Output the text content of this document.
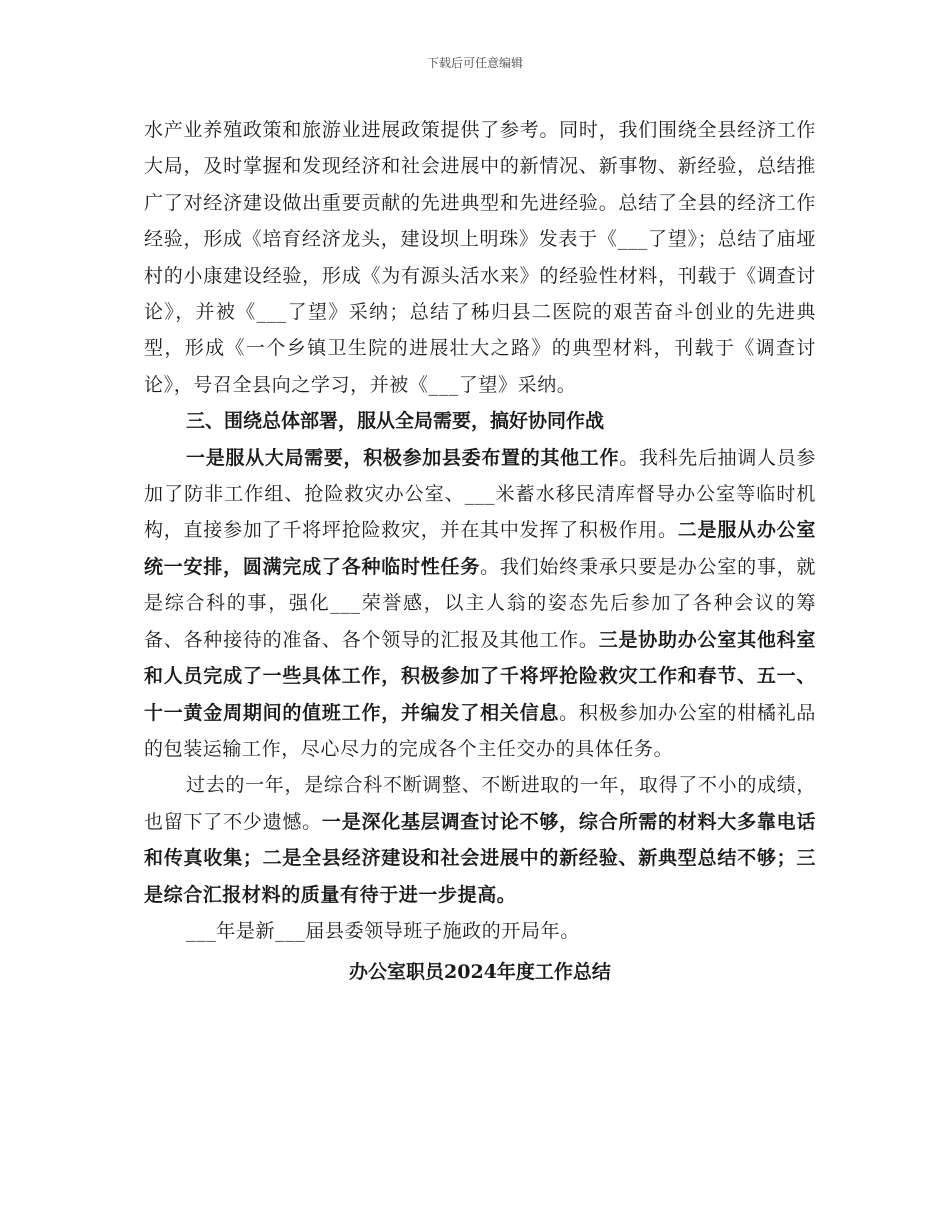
下载后可任意编辑

水产业养殖政策和旅游业进展政策提供了参考。同时，我们围绕全县经济工作大局，及时掌握和发现经济和社会进展中的新情况、新事物、新经验，总结推广了对经济建设做出重要贡献的先进典型和先进经验。总结了全县的经济工作经验，形成《培育经济龙头，建设坝上明珠》发表于《___了望》；总结了庙垭村的小康建设经验，形成《为有源头活水来》的经验性材料，刊载于《调查讨论》，并被《___了望》采纳；总结了秭归县二医院的艰苦奋斗创业的先进典型，形成《一个乡镇卫生院的进展壮大之路》的典型材料，刊载于《调查讨论》，号召全县向之学习，并被《___了望》采纳。

三、围绕总体部署，服从全局需要，搞好协同作战

一是服从大局需要，积极参加县委布置的其他工作。我科先后抽调人员参加了防非工作组、抢险救灾办公室、___米蓄水移民清库督导办公室等临时机构，直接参加了千将坪抢险救灾，并在其中发挥了积极作用。二是服从办公室统一安排，圆满完成了各种临时性任务。我们始终秉承只要是办公室的事，就是综合科的事，强化___荣誉感，以主人翁的姿态先后参加了各种会议的筹备、各种接待的准备、各个领导的汇报及其他工作。三是协助办公室其他科室和人员完成了一些具体工作，积极参加了千将坪抢险救灾工作和春节、五一、十一黄金周期间的值班工作，并编发了相关信息。积极参加办公室的柑橘礼品的包装运输工作，尽心尽力的完成各个主任交办的具体任务。

过去的一年，是综合科不断调整、不断进取的一年，取得了不小的成绩，也留下了不少遗憾。一是深化基层调查讨论不够，综合所需的材料大多靠电话和传真收集；二是全县经济建设和社会进展中的新经验、新典型总结不够；三是综合汇报材料的质量有待于进一步提高。

___年是新___届县委领导班子施政的开局年。

办公室职员2024年度工作总结
